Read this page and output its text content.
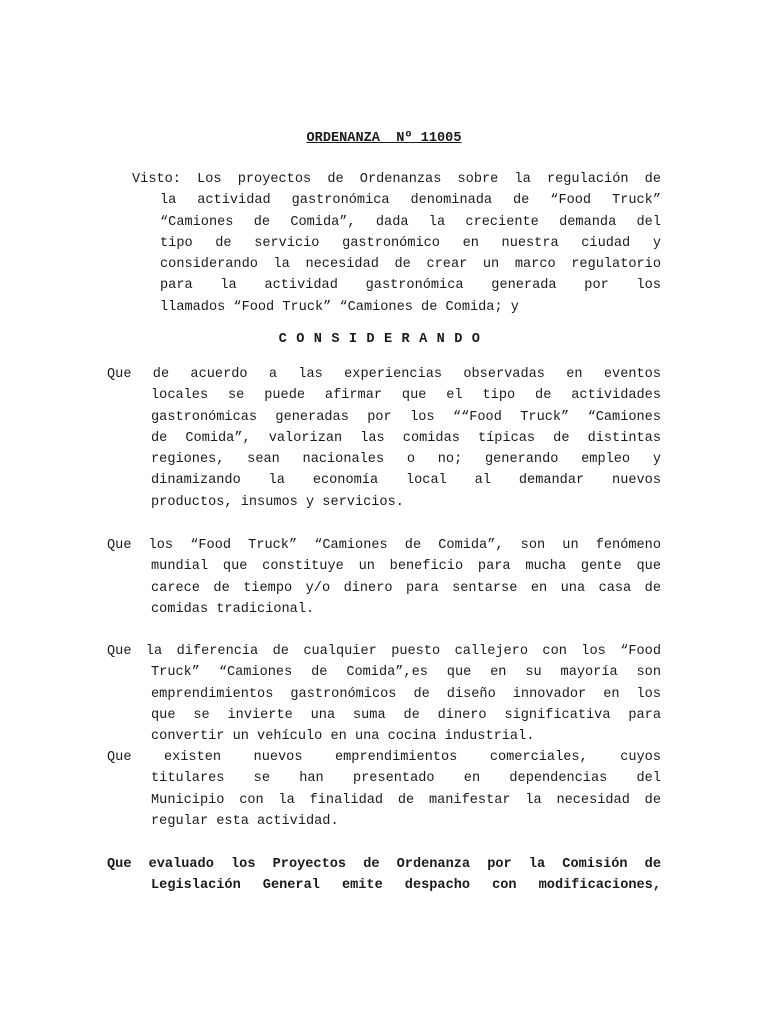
ORDENANZA  Nº 11005
Visto: Los proyectos de Ordenanzas sobre la regulación de
la actividad gastronómica denominada de “Food Truck”
“Camiones de Comida”, dada la creciente demanda del
tipo de servicio gastronómico en nuestra ciudad y
considerando la necesidad de crear un marco regulatorio
para la actividad gastronómica generada por los
llamados “Food Truck” “Camiones de Comida; y
CONSIDERANDO
Que de acuerdo a las experiencias observadas en eventos
locales se puede afirmar que el tipo de actividades
gastronómicas generadas por los ““Food Truck” “Camiones
de Comida”, valorizan las comidas típicas de distintas
regiones, sean nacionales o no; generando empleo y
dinamizando la economía local al demandar nuevos
productos, insumos y servicios.
Que los “Food Truck” “Camiones de Comida”, son un fenómeno
mundial que constituye un beneficio para mucha gente que
carece de tiempo y/o dinero para sentarse en una casa de
comidas tradicional.
Que la diferencia de cualquier puesto callejero con los “Food
Truck” “Camiones de Comida”,es que en su mayoría son
emprendimientos gastronómicos de diseño innovador en los
que se invierte una suma de dinero significativa para
convertir un vehículo en una cocina industrial.
Que existen nuevos emprendimientos comerciales, cuyos
titulares se han presentado en dependencias del
Municipio con la finalidad de manifestar la necesidad de
regular esta actividad.
Que evaluado los Proyectos de Ordenanza por la Comisión de
Legislación General emite despacho con modificaciones,
